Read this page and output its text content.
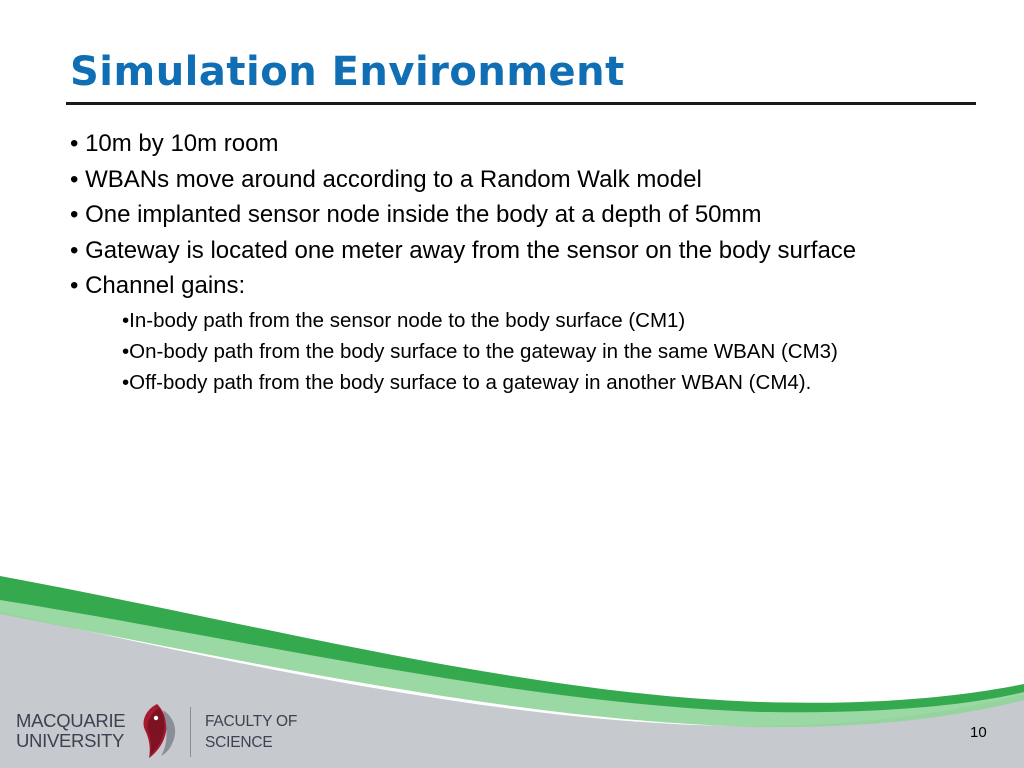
Simulation Environment

• 10m by 10m room

• WBANs move around according to a Random Walk model

• One implanted sensor node inside the body at a depth of 50mm

• Gateway is located one meter away from the sensor on the body surface

• Channel gains:

•In-body path from the sensor node to the body surface (CM1)

•On-body path from the body surface to the gateway in the same WBAN (CM3)

•Off-body path from the body surface to a gateway in another WBAN (CM4).

MACQUARIE
UNIVERSITY
FACULTY OF
SCIENCE
10
